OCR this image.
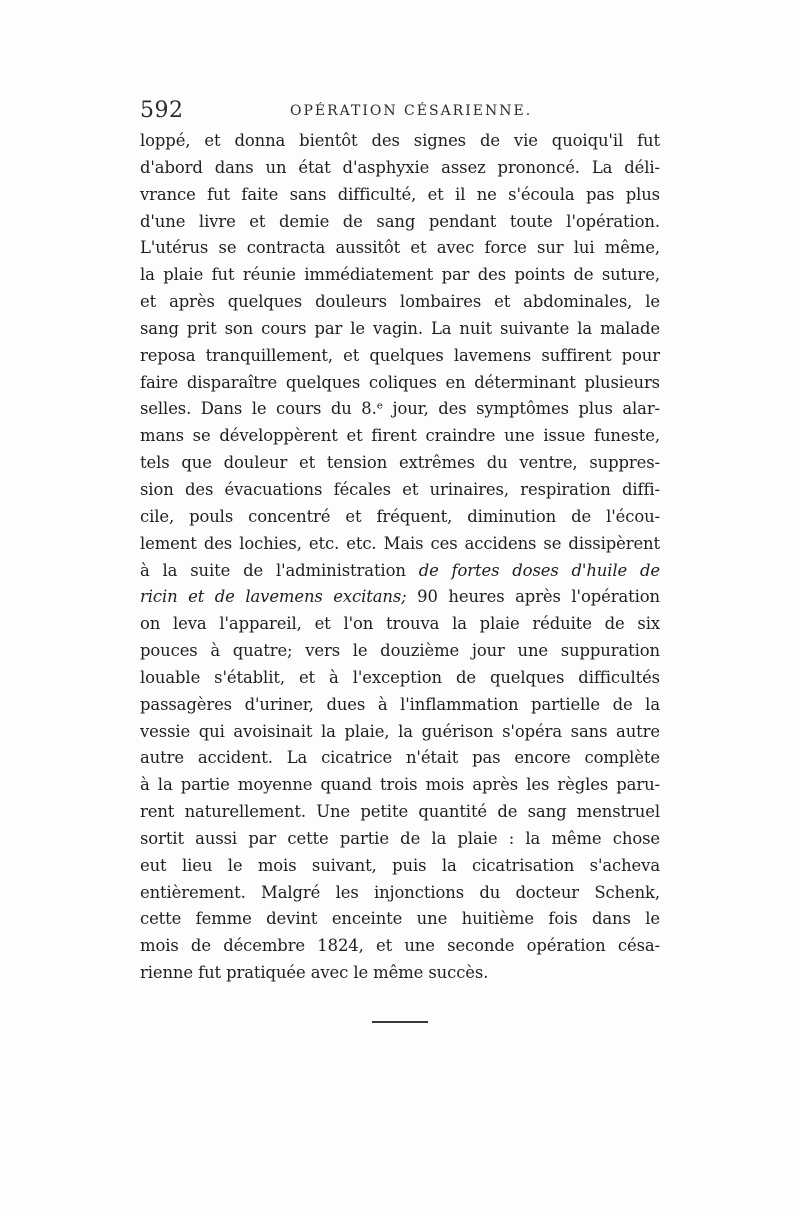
592	OPÉRATION CÉSARIENNE.
loppé, et donna bientôt des signes de vie quoiqu'il fut
d'abord dans un état d'asphyxie assez prononcé. La déli-
vrance fut faite sans difficulté, et il ne s'écoula pas plus
d'une livre et demie de sang pendant toute l'opération.
L'utérus se contracta aussitôt et avec force sur lui même,
la plaie fut réunie immédiatement par des points de suture,
et après quelques douleurs lombaires et abdominales, le
sang prit son cours par le vagin. La nuit suivante la malade
reposa tranquillement, et quelques lavemens suffirent pour
faire disparaître quelques coliques en déterminant plusieurs
selles. Dans le cours du 8.ᵉ jour, des symptômes plus alar-
mans se développèrent et firent craindre une issue funeste,
tels que douleur et tension extrêmes du ventre, suppres-
sion des évacuations fécales et urinaires, respiration diffi-
cile, pouls concentré et fréquent, diminution de l'écou-
lement des lochies, etc. etc. Mais ces accidens se dissipèrent
à la suite de l'administration de fortes doses d'huile de
ricin et de lavemens excitans; 90 heures après l'opération
on leva l'appareil, et l'on trouva la plaie réduite de six
pouces à quatre; vers le douzième jour une suppuration
louable s'établit, et à l'exception de quelques difficultés
passagères d'uriner, dues à l'inflammation partielle de la
vessie qui avoisinait la plaie, la guérison s'opéra sans autre
autre accident. La cicatrice n'était pas encore complète
à la partie moyenne quand trois mois après les règles paru-
rent naturellement. Une petite quantité de sang menstruel
sortit aussi par cette partie de la plaie : la même chose
eut lieu le mois suivant, puis la cicatrisation s'acheva
entièrement. Malgré les injonctions du docteur Schenk,
cette femme devint enceinte une huitième fois dans le
mois de décembre 1824, et une seconde opération césa-
rienne fut pratiquée avec le même succès.
